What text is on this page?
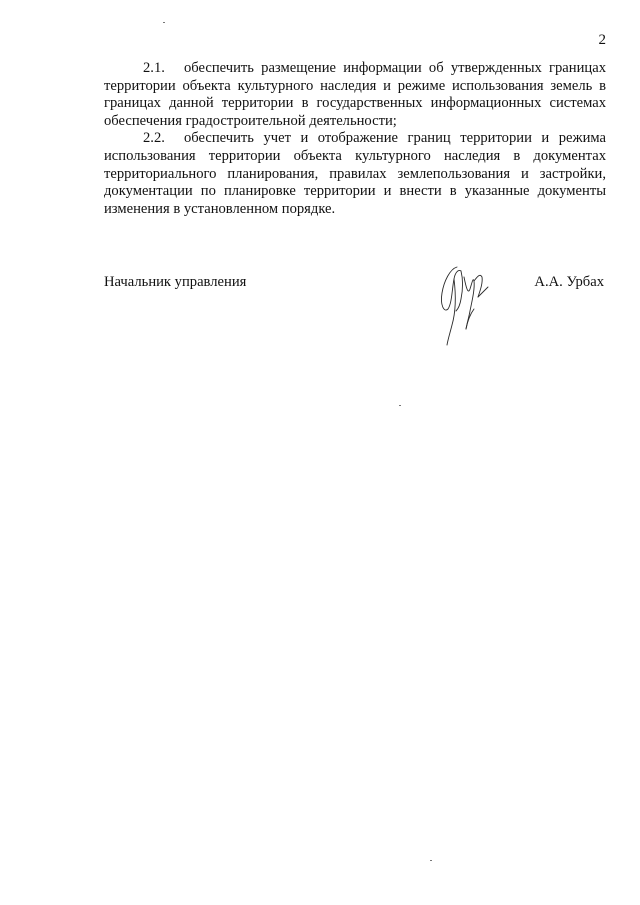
2

2.1. обеспечить размещение информации об утвержденных границах территории объекта культурного наследия и режиме использования земель в границах данной территории в государственных информационных системах обеспечения градостроительной деятельности;

2.2. обеспечить учет и отображение границ территории и режима использования территории объекта культурного наследия в документах территориального планирования, правилах землепользования и застройки, документации по планировке территории и внести в указанные документы изменения в установленном порядке.

Начальник управления	А.А. Урбах
